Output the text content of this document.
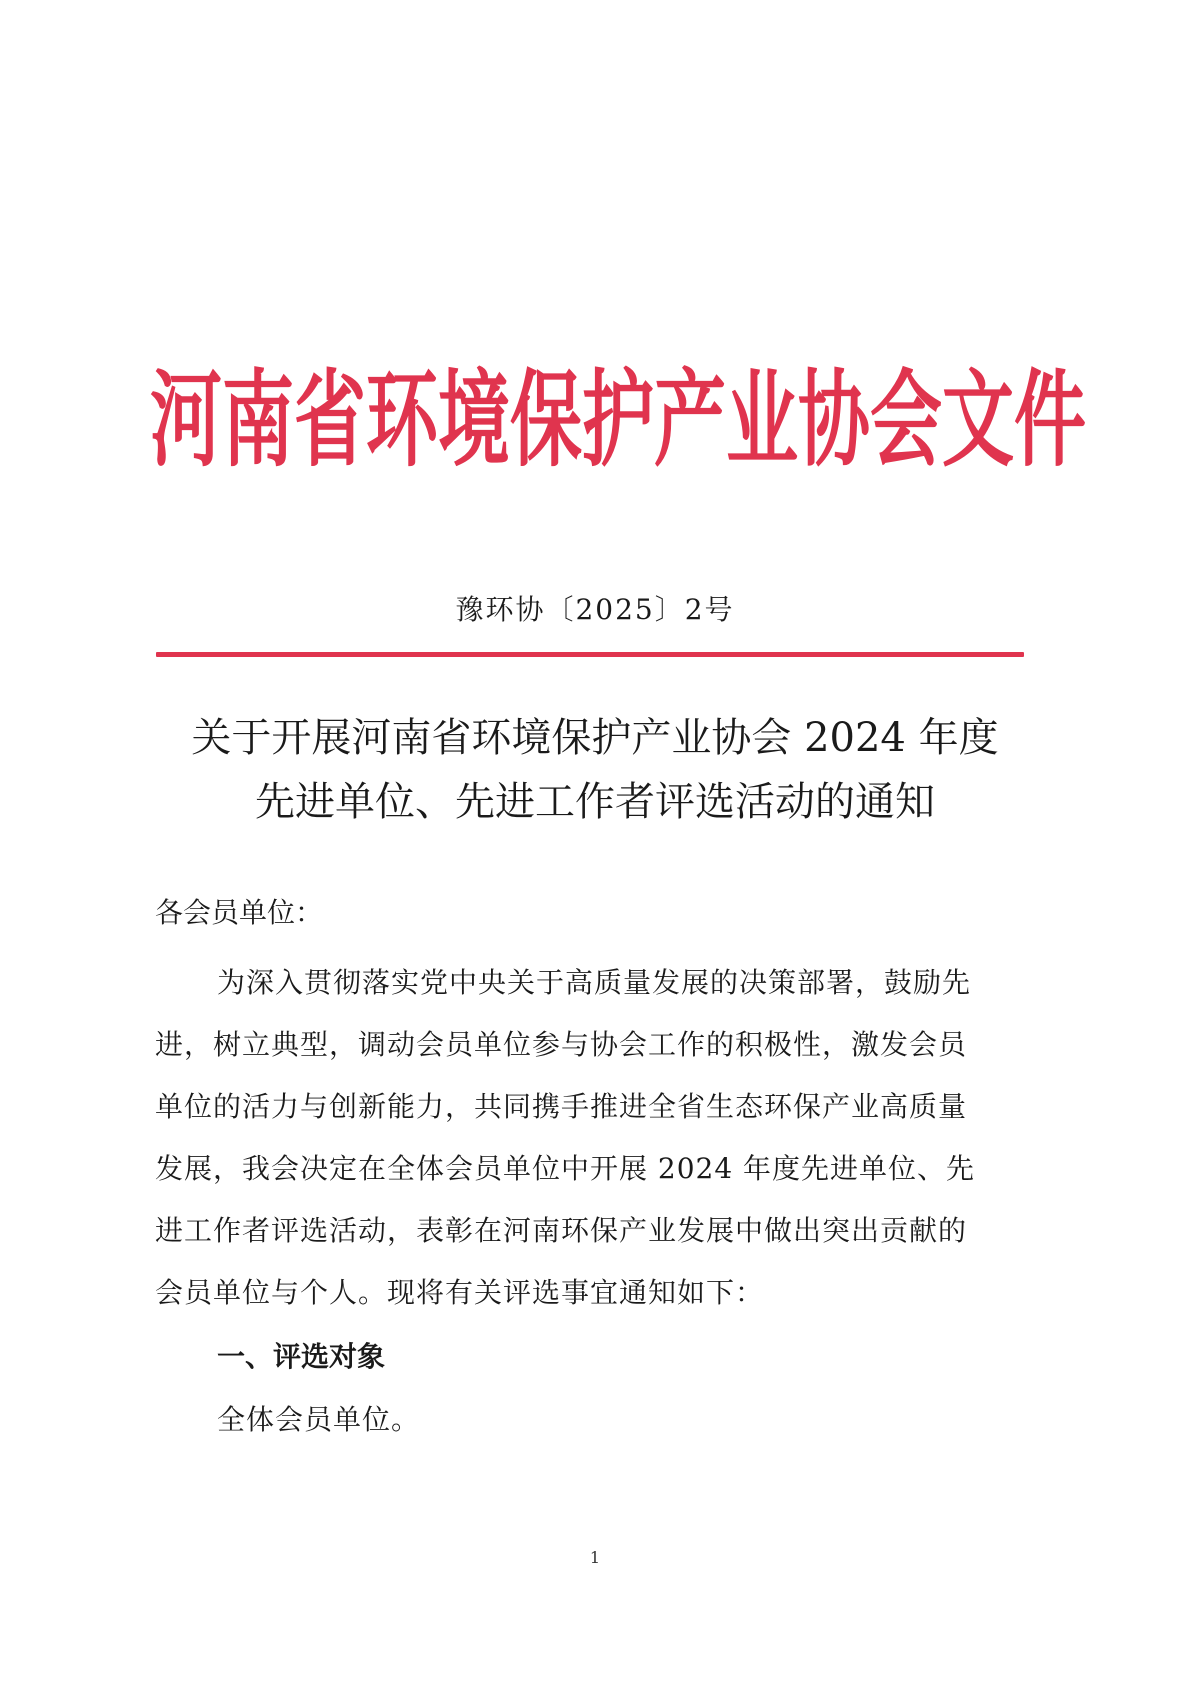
河南省环境保护产业协会文件
豫环协〔2025〕2号
关于开展河南省环境保护产业协会 2024 年度
先进单位、先进工作者评选活动的通知
各会员单位：
为深入贯彻落实党中央关于高质量发展的决策部署，鼓励先
进，树立典型，调动会员单位参与协会工作的积极性，激发会员
单位的活力与创新能力，共同携手推进全省生态环保产业高质量
发展，我会决定在全体会员单位中开展 2024 年度先进单位、先
进工作者评选活动，表彰在河南环保产业发展中做出突出贡献的
会员单位与个人。现将有关评选事宜通知如下：
一、评选对象
全体会员单位。
1
